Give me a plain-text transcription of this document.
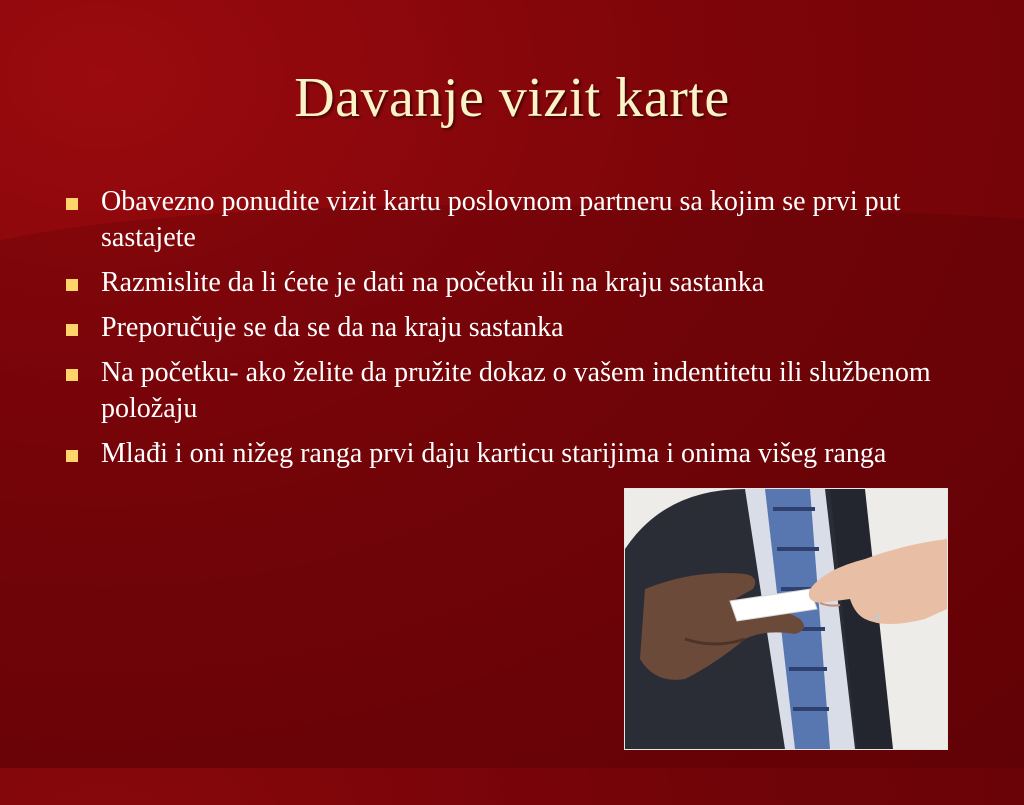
Davanje vizit karte
Obavezno ponudite vizit kartu poslovnom partneru sa kojim se prvi put sastajete
Razmislite da li ćete je dati na početku ili na kraju sastanka
Preporučuje se da se da na kraju sastanka
Na početku- ako želite da pružite dokaz o vašem indentitetu ili službenom položaju
Mlađi i oni nižeg ranga prvi daju karticu starijima i onima višeg ranga
